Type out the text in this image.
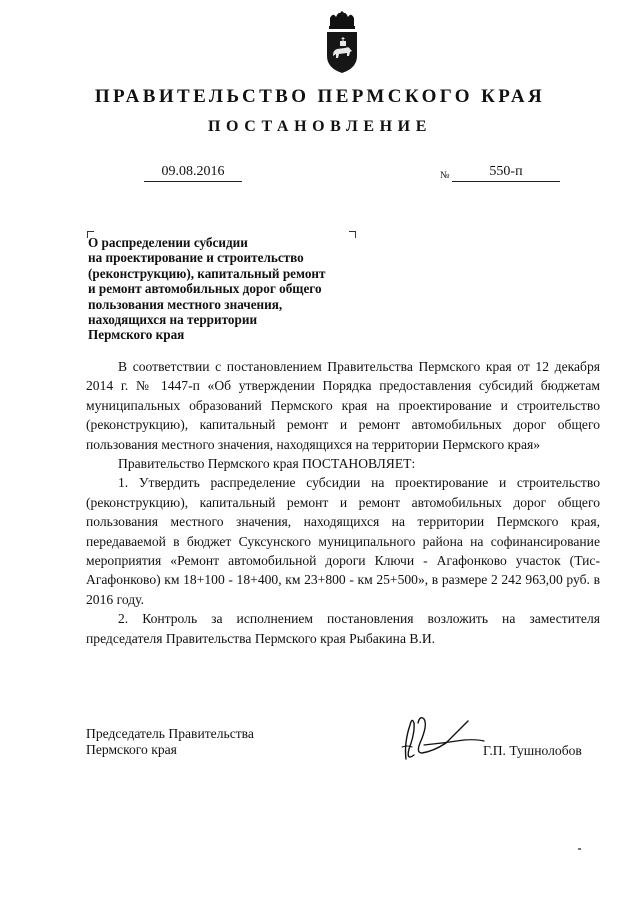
ПРАВИТЕЛЬСТВО ПЕРМСКОГО КРАЯ
ПОСТАНОВЛЕНИЕ
09.08.2016	№	550-п
О распределении субсидии
на проектирование и строительство
(реконструкцию), капитальный ремонт
и ремонт автомобильных дорог общего
пользования местного значения,
находящихся на территории
Пермского края

В соответствии с постановлением Правительства Пермского края от 12 декабря 2014 г. № 1447-п «Об утверждении Порядка предоставления субсидий бюджетам муниципальных образований Пермского края на проектирование и строительство (реконструкцию), капитальный ремонт и ремонт автомобильных дорог общего пользования местного значения, находящихся на территории Пермского края»

Правительство Пермского края ПОСТАНОВЛЯЕТ:

1. Утвердить распределение субсидии на проектирование и строительство (реконструкцию), капитальный ремонт и ремонт автомобильных дорог общего пользования местного значения, находящихся на территории Пермского края, передаваемой в бюджет Суксунского муниципального района на софинансирование мероприятия «Ремонт автомобильной дороги Ключи - Агафонково участок (Тис-Агафонково) км 18+100 - 18+400, км 23+800 - км 25+500», в размере 2 242 963,00 руб. в 2016 году.

2. Контроль за исполнением постановления возложить на заместителя председателя Правительства Пермского края Рыбакина В.И.

Председатель Правительства
Пермского края	Г.П. Тушнолобов
